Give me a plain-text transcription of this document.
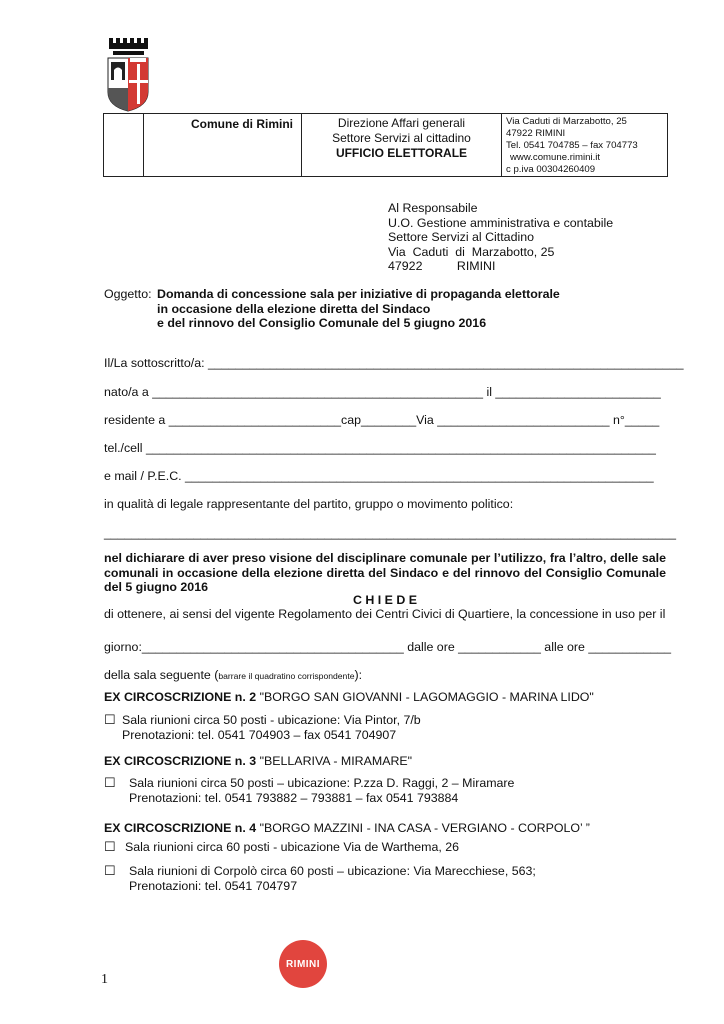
Comune di Rimini	Direzione Affari generali
Settore Servizi al cittadino
UFFICIO ELETTORALE

Via Caduti di Marzabotto, 25
47922 RIMINI
Tel. 0541 704785 – fax 704773
www.comune.rimini.it
c p.iva 00304260409
Al Responsabile
U.O. Gestione amministrativa e contabile
Settore Servizi al Cittadino
Via  Caduti  di  Marzabotto, 25
47922          RIMINI
Oggetto: Domanda di concessione sala per iniziative di propaganda elettorale
in occasione della elezione diretta del Sindaco
e del rinnovo del Consiglio Comunale del 5 giugno 2016
Il/La sottoscritto/a: _____________________________________________________________________
nato/a a ________________________________________________ il ________________________
residente a _________________________cap________Via _________________________ n°_____
tel./cell __________________________________________________________________________
e mail / P.E.C. ____________________________________________________________________
in qualità di legale rappresentante del partito, gruppo o movimento politico:
___________________________________________________________________________________
nel dichiarare di aver preso visione del disciplinare comunale per l’utilizzo, fra l’altro, delle sale comunali in occasione della elezione diretta del Sindaco e del rinnovo del Consiglio Comunale del 5 giugno 2016
C H I E D E
di ottenere, ai sensi del vigente Regolamento dei Centri Civici di Quartiere, la concessione in uso per il
giorno:______________________________________ dalle ore ____________ alle ore ____________
della sala seguente (barrare il quadratino corrispondente):
EX CIRCOSCRIZIONE n. 2 "BORGO SAN GIOVANNI - LAGOMAGGIO - MARINA LIDO"
☐ Sala riunioni circa 50 posti - ubicazione: Via Pintor, 7/b
Prenotazioni: tel. 0541 704903 – fax 0541 704907
EX CIRCOSCRIZIONE n. 3 "BELLARIVA - MIRAMARE"
☐ Sala riunioni circa 50 posti – ubicazione: P.zza D. Raggi, 2 – Miramare
Prenotazioni: tel. 0541 793882 – 793881 – fax 0541 793884
EX CIRCOSCRIZIONE n. 4 "BORGO MAZZINI - INA CASA - VERGIANO - CORPOLO’ ”
☐ Sala riunioni circa 60 posti - ubicazione Via de Warthema, 26
☐ Sala riunioni di Corpolò circa 60 posti – ubicazione: Via Marecchiese, 563;
Prenotazioni: tel. 0541 704797
RIMINI
1
